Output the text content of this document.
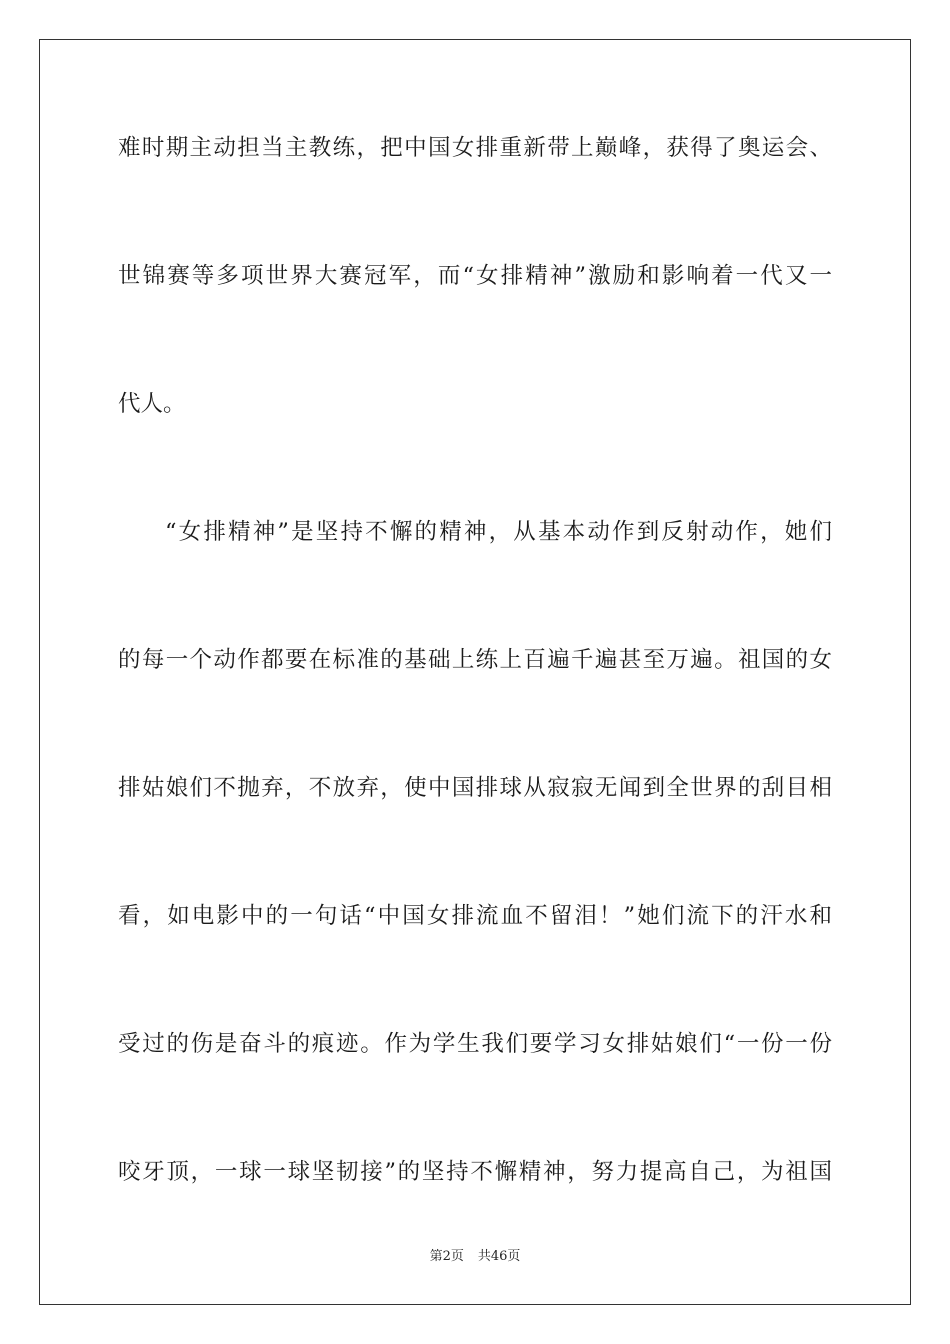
难时期主动担当主教练，把中国女排重新带上巅峰，获得了奥运会、
世锦赛等多项世界大赛冠军，而“女排精神”激励和影响着一代又一
代人。
“女排精神”是坚持不懈的精神，从基本动作到反射动作，她们
的每一个动作都要在标准的基础上练上百遍千遍甚至万遍。祖国的女
排姑娘们不抛弃，不放弃，使中国排球从寂寂无闻到全世界的刮目相
看，如电影中的一句话“中国女排流血不留泪！”她们流下的汗水和
受过的伤是奋斗的痕迹。作为学生我们要学习女排姑娘们“一份一份
咬牙顶，一球一球坚韧接”的坚持不懈精神，努力提高自己，为祖国
第2页 共46页
